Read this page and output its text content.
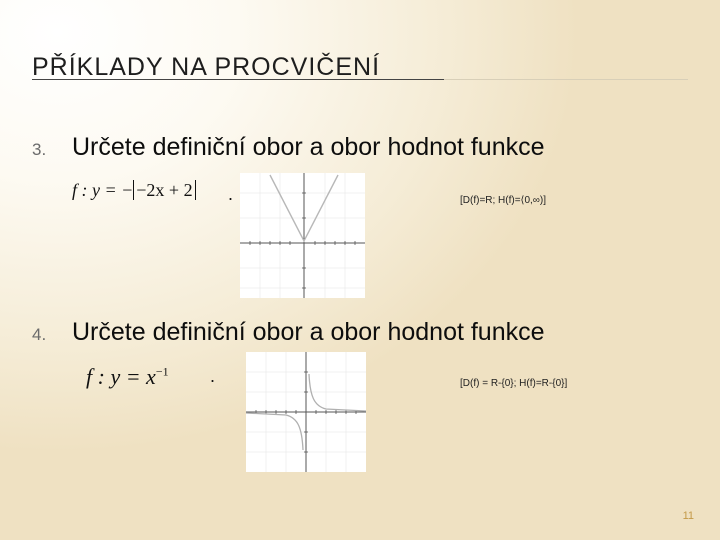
PŘÍKLADY NA PROCVIČENÍ
3. Určete definiční obor a obor hodnot funkce
f : y = − −2x + 2 .	[D(f)=R; H(f)=⟨0,∞)]
4. Určete definiční obor a obor hodnot funkce
f : $y = x^{-1}$ .	[D(f) = R-{0}; H(f)=R-{0}]
11
